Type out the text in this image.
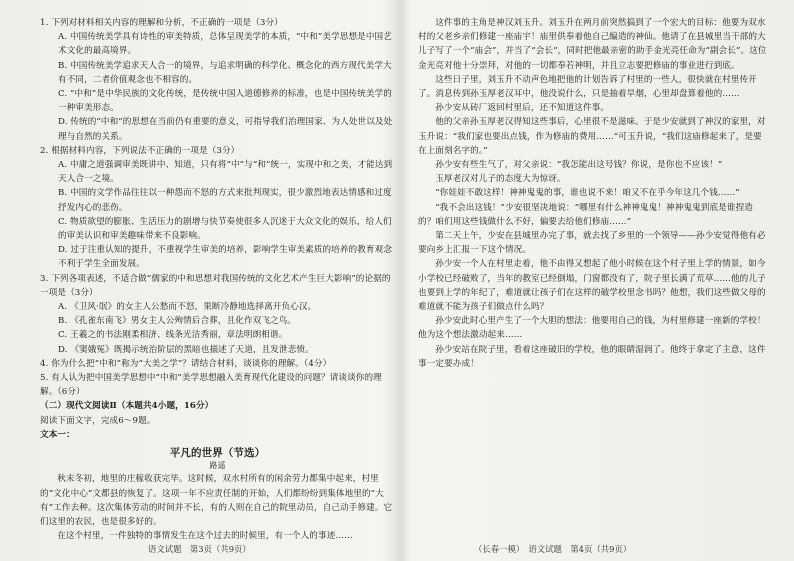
1. 下列对材料相关内容的理解和分析，不正确的一项是（3分）

A. 中国传统美学具有诗性的审美特质，总体呈现美学的本质，“中和”美学思想是中国艺术文化的最高境界。

B. 中国传统美学追求天人合一的境界，与追求明确的科学化、概念化的西方现代美学大有不同，二者价值观念也不相容的。

C. “中和”是中华民族的文化传统，是传统中国人道德修养的标准，也是中国传统美学的一种审美形态。

D. 传统的“中和”的思想在当前仍有重要的意义，可指导我们治理国家、为人处世以及处理与自然的关系。

2. 根据材料内容，下列说法不正确的一项是（3分）

A. 中庸之道强调审美既讲中、知道，只有将“中”与“和”统一，实现中和之美，才能达到天人合一之境。

B. 中国的文学作品往往以一种怨而不怒的方式来批判现实，很少激烈地表达情感和过度抒发内心的悲伤。

C. 物质欲望的膨胀、生活压力的剧增与快节奏使很多人沉迷于大众文化的娱乐，给人们的审美认识和审美趣味带来不良影响。

D. 过于注重认知的提升，不重视学生审美的培养，影响学生审美素质的培养的教育观念不利于学生全面发展。

3. 下列各项表述，不适合做“儒家的中和思想对我国传统的文化艺术产生巨大影响”的论据的一项是（3分）

A. 《卫风·氓》的女主人公愁而不怒，果断冷静地选择离开负心汉。

B. 《孔雀东南飞》男女主人公殉情后合葬，且化作双飞之鸟。

C. 王羲之的书法刚柔相济、线条光洁秀丽，章法明朗相谐。

D. 《窦娥冤》既揭示统治阶层的黑暗也描述了天道，且发泄悲愤。

4. 你为什么把“中和”称为“大美之学”？请结合材料，谈谈你的理解。（4分）

5. 有人认为把中国美学思想中“中和”美学思想融入美育现代化建设的问题？请谈谈你的理解。（6分）

（二）现代文阅读Ⅱ（本题共4小题，16分）

阅读下面文字，完成6～9题。

文本一：

平凡的世界（节选）

路遥

秋末冬初，地里的庄稼收获完毕。这时候，双水村所有的闲余劳力都集中起来，村里的“文化中心”文都县的恢复了。这项一年不应责任制的开始，人们都纷纷到集体地里的“大有”工作去种。这次集体劳动的时间并不长，有的人则在自己的院里动员，自己动手修建。它们这里的农民，也是很多好的。

在这个村里，一件独特的事情发生在这个过去的时候里，有一个人的事迹……

这件事的主角是神汉刘玉升。刘玉升在两月前突然搞到了一个宏大的目标：他要为双水村的父老乡亲们修建一座庙宇！庙里供奉着他自己编造的神仙。他请了在县城里当干部的大儿子写了一个“庙会”，并当了“会长”，同时把他最亲密的助手金光亮任命为“副会长”。这位金光亮对他十分崇拜，对他的一切都奉若神明，并且立志要把修庙的事业进行到底。

这些日子里，刘玉升不动声色地把他的计划告诉了村里的一些人，很快就在村里传开了。消息传到孙玉厚老汉耳中，他没说什么，只是抽着旱烟，心里却盘算着他的……

孙少安从砖厂返回村里后，还不知道这件事。

他的父亲孙玉厚老汉得知这些事后，心里很不是滋味。于是少安就到了神汉的家里，对玉升说：“我们家也要出点钱，作为修庙的费用……”可玉升说，“我们这庙修起来了，是要在上面刻名字的。”

孙少安有些生气了，对父亲说：“我怎能出这号钱？你说，是你也不应该！”

玉厚老汉对儿子的态度大为惊讶。

“你娃娃不敢这样！神神鬼鬼的事，谁也说不来！咱又不在乎今年这几个钱……”

“我不会出这钱！”少安很坚决地说：“哪里有什么神神鬼鬼！神神鬼鬼到底是谁捏造的？咱们用这些钱做什么不好，偏要去给他们修庙……”

第二天上午，少安在县城里办完了事，就去找了乡里的一个领导——孙少安觉得他有必要向乡上汇报一下这个情况。

孙少安一个人在村里走着，他不由得又想起了他小时候在这个村子里上学的情景，如今小学校已经破败了，当年的教室已经倒塌，门窗都没有了，院子里长满了荒草……他的儿子也要到上学的年纪了，难道就让孩子们在这样的破学校里念书吗？他想，我们这些做父母的难道就不能为孩子们做点什么吗？

孙少安此时心里产生了一个大胆的想法：他要用自己的钱，为村里修建一座新的学校！他为这个想法激动起来……

孙少安站在院子里，看着这座破旧的学校，他的眼睛湿润了。他终于拿定了主意，这件事一定要办成！

语文试题　第3页（共9页）	（长春一模）　语文试题　第4页（共9页）
